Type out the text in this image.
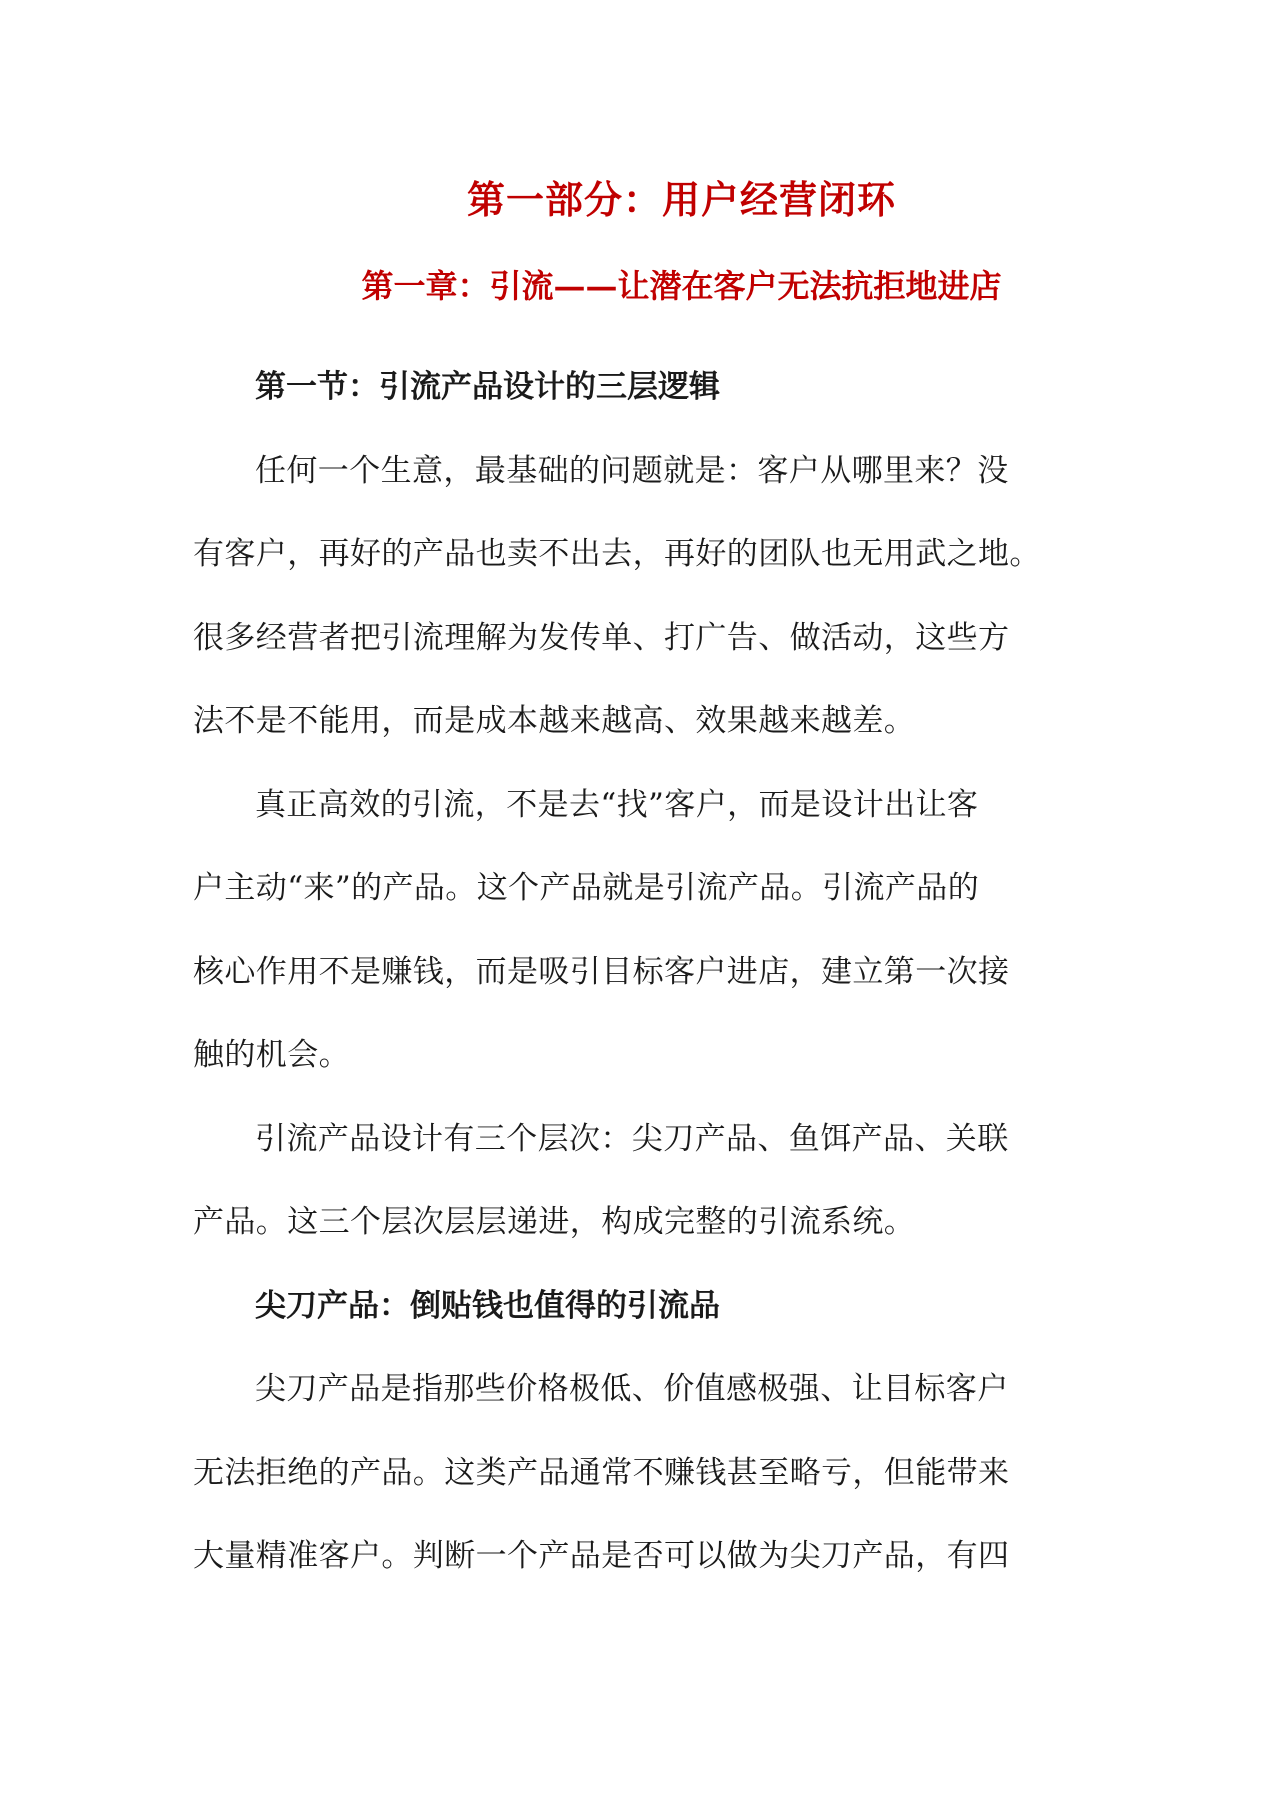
第一部分：用户经营闭环
第一章：引流——让潜在客户无法抗拒地进店

第一节：引流产品设计的三层逻辑

任何一个生意，最基础的问题就是：客户从哪里来？没
有客户，再好的产品也卖不出去，再好的团队也无用武之地。
很多经营者把引流理解为发传单、打广告、做活动，这些方
法不是不能用，而是成本越来越高、效果越来越差。

真正高效的引流，不是去“找”客户，而是设计出让客
户主动“来”的产品。这个产品就是引流产品。引流产品的
核心作用不是赚钱，而是吸引目标客户进店，建立第一次接
触的机会。

引流产品设计有三个层次：尖刀产品、鱼饵产品、关联
产品。这三个层次层层递进，构成完整的引流系统。

尖刀产品：倒贴钱也值得的引流品

尖刀产品是指那些价格极低、价值感极强、让目标客户
无法拒绝的产品。这类产品通常不赚钱甚至略亏，但能带来
大量精准客户。判断一个产品是否可以做为尖刀产品，有四
